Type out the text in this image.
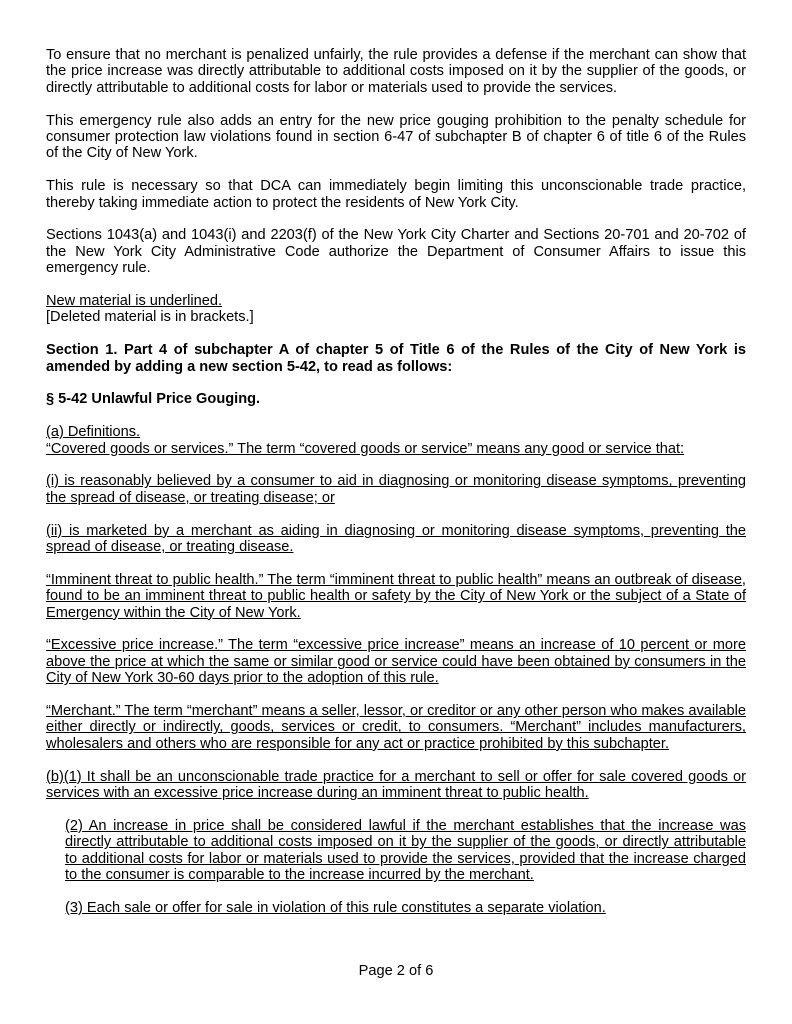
To ensure that no merchant is penalized unfairly, the rule provides a defense if the merchant can show that the price increase was directly attributable to additional costs imposed on it by the supplier of the goods, or directly attributable to additional costs for labor or materials used to provide the services.

This emergency rule also adds an entry for the new price gouging prohibition to the penalty schedule for consumer protection law violations found in section 6-47 of subchapter B of chapter 6 of title 6 of the Rules of the City of New York.

This rule is necessary so that DCA can immediately begin limiting this unconscionable trade practice, thereby taking immediate action to protect the residents of New York City.

Sections 1043(a) and 1043(i) and 2203(f) of the New York City Charter and Sections 20-701 and 20-702 of the New York City Administrative Code authorize the Department of Consumer Affairs to issue this emergency rule.

New material is underlined.

[Deleted material is in brackets.]

Section 1. Part 4 of subchapter A of chapter 5 of Title 6 of the Rules of the City of New York is amended by adding a new section 5-42, to read as follows:

§ 5-42 Unlawful Price Gouging.

(a) Definitions.

“Covered goods or services.” The term “covered goods or service” means any good or service that:

(i) is reasonably believed by a consumer to aid in diagnosing or monitoring disease symptoms, preventing the spread of disease, or treating disease; or

(ii) is marketed by a merchant as aiding in diagnosing or monitoring disease symptoms, preventing the spread of disease, or treating disease.

“Imminent threat to public health.” The term “imminent threat to public health” means an outbreak of disease, found to be an imminent threat to public health or safety by the City of New York or the subject of a State of Emergency within the City of New York.

“Excessive price increase.” The term “excessive price increase” means an increase of 10 percent or more above the price at which the same or similar good or service could have been obtained by consumers in the City of New York 30-60 days prior to the adoption of this rule.

“Merchant.” The term “merchant” means a seller, lessor, or creditor or any other person who makes available either directly or indirectly, goods, services or credit, to consumers. “Merchant” includes manufacturers, wholesalers and others who are responsible for any act or practice prohibited by this subchapter.

(b)(1) It shall be an unconscionable trade practice for a merchant to sell or offer for sale covered goods or services with an excessive price increase during an imminent threat to public health.

(2) An increase in price shall be considered lawful if the merchant establishes that the increase was directly attributable to additional costs imposed on it by the supplier of the goods, or directly attributable to additional costs for labor or materials used to provide the services, provided that the increase charged to the consumer is comparable to the increase incurred by the merchant.

(3) Each sale or offer for sale in violation of this rule constitutes a separate violation.

Page 2 of 6
